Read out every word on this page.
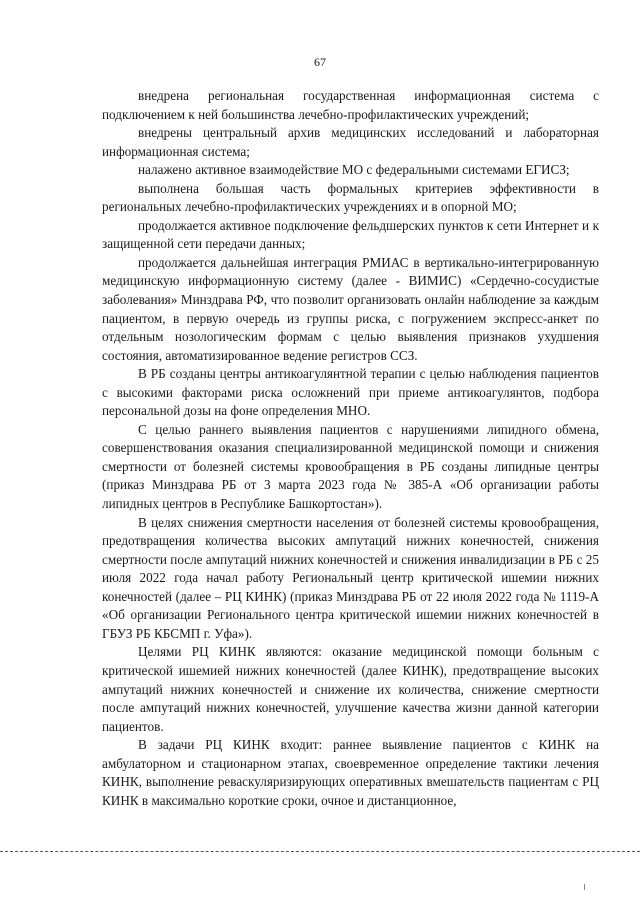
67

внедрена региональная государственная информационная система с подключением к ней большинства лечебно-профилактических учреждений;

внедрены центральный архив медицинских исследований и лабораторная информационная система;

налажено активное взаимодействие МО с федеральными системами ЕГИСЗ;

выполнена большая часть формальных критериев эффективности в региональных лечебно-профилактических учреждениях и в опорной МО;

продолжается активное подключение фельдшерских пунктов к сети Интернет и к защищенной сети передачи данных;

продолжается дальнейшая интеграция РМИАС в вертикально-интегрированную медицинскую информационную систему (далее - ВИМИС) «Сердечно-сосудистые заболевания» Минздрава РФ, что позволит организовать онлайн наблюдение за каждым пациентом, в первую очередь из группы риска, с погружением экспресс-анкет по отдельным нозологическим формам с целью выявления признаков ухудшения состояния, автоматизированное ведение регистров ССЗ.

В РБ созданы центры антикоагулянтной терапии с целью наблюдения пациентов с высокими факторами риска осложнений при приеме антикоагулянтов, подбора персональной дозы на фоне определения МНО.

С целью раннего выявления пациентов с нарушениями липидного обмена, совершенствования оказания специализированной медицинской помощи и снижения смертности от болезней системы кровообращения в РБ созданы липидные центры (приказ Минздрава РБ от 3 марта 2023 года № 385-А «Об организации работы липидных центров в Республике Башкортостан»).

В целях снижения смертности населения от болезней системы кровообращения, предотвращения количества высоких ампутаций нижних конечностей, снижения смертности после ампутаций нижних конечностей и снижения инвалидизации в РБ с 25 июля 2022 года начал работу Региональный центр критической ишемии нижних конечностей (далее – РЦ КИНК) (приказ Минздрава РБ от 22 июля 2022 года № 1119-А «Об организации Регионального центра критической ишемии нижних конечностей в ГБУЗ РБ КБСМП г. Уфа»).

Целями РЦ КИНК являются: оказание медицинской помощи больным с критической ишемией нижних конечностей (далее КИНК), предотвращение высоких ампутаций нижних конечностей и снижение их количества, снижение смертности после ампутаций нижних конечностей, улучшение качества жизни данной категории пациентов.

В задачи РЦ КИНК входит: раннее выявление пациентов с КИНК на амбулаторном и стационарном этапах, своевременное определение тактики лечения КИНК, выполнение реваскуляризирующих оперативных вмешательств пациентам с РЦ КИНК в максимально короткие сроки, очное и дистанционное,
